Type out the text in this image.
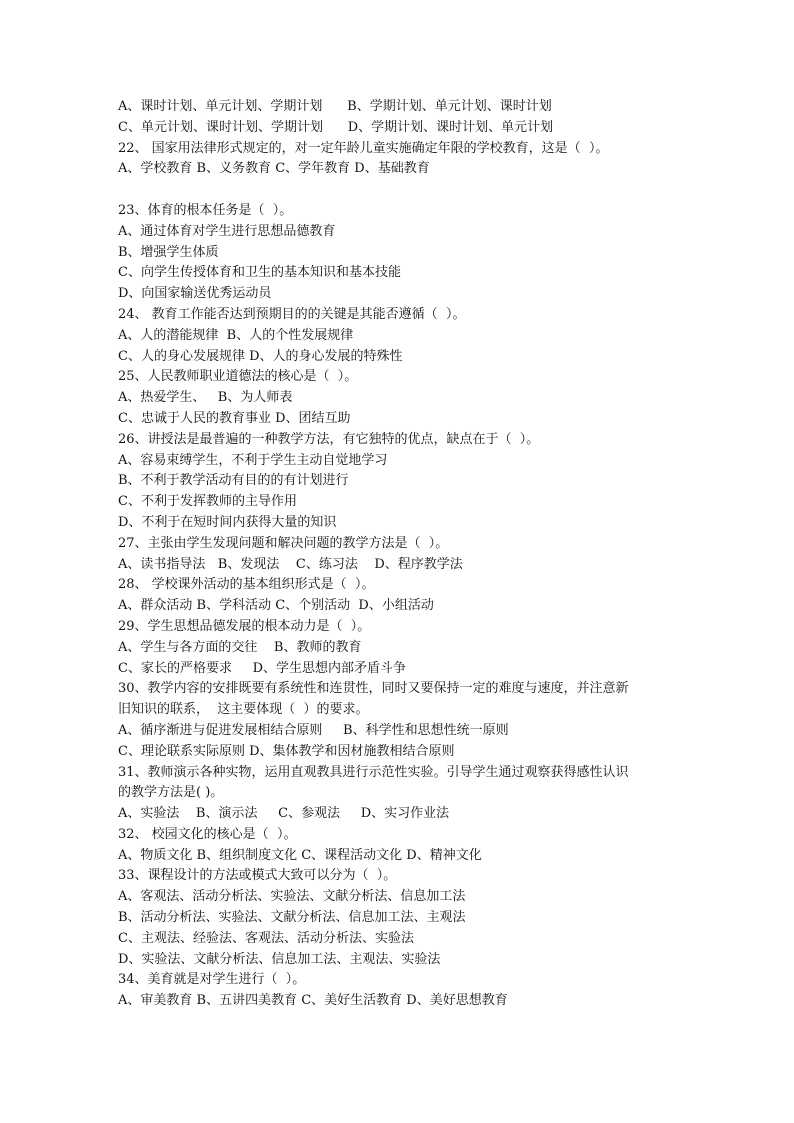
A、课时计划、单元计划、学期计划      B、学期计划、单元计划、课时计划
C、单元计划、课时计划、学期计划      D、学期计划、课时计划、单元计划
22、 国家用法律形式规定的，对一定年龄儿童实施确定年限的学校教育，这是（  ）。
A、学校教育 B、义务教育 C、学年教育 D、基础教育
23、体育的根本任务是（  ）。
A、通过体育对学生进行思想品德教育
B、增强学生体质
C、向学生传授体育和卫生的基本知识和基本技能
D、向国家输送优秀运动员
24、 教育工作能否达到预期目的的关键是其能否遵循（  ）。
A、人的潜能规律  B、人的个性发展规律
C、人的身心发展规律 D、人的身心发展的特殊性
25、人民教师职业道德法的核心是（  ）。
A、热爱学生、   B、为人师表
C、忠诚于人民的教育事业 D、团结互助
26、讲授法是最普遍的一种教学方法，有它独特的优点，缺点在于（  ）。
A、容易束缚学生，不利于学生主动自觉地学习
B、不利于教学活动有目的的有计划进行
C、不利于发挥教师的主导作用
D、不利于在短时间内获得大量的知识
27、主张由学生发现问题和解决问题的教学方法是（  ）。
A、读书指导法   B、发现法    C、练习法    D、程序教学法
28、 学校课外活动的基本组织形式是（  ）。
A、群众活动 B、学科活动 C、个别活动  D、小组活动
29、学生思想品德发展的根本动力是（  ）。
A、学生与各方面的交往    B、教师的教育
C、家长的严格要求     D、学生思想内部矛盾斗争
30、教学内容的安排既要有系统性和连贯性，同时又要保持一定的难度与速度，并注意新
旧知识的联系，  这主要体现（  ）的要求。
A、循序渐进与促进发展相结合原则     B、科学性和思想性统一原则
C、理论联系实际原则 D、集体教学和因材施教相结合原则
31、教师演示各种实物，运用直观教具进行示范性实验。引导学生通过观察获得感性认识
的教学方法是( )。
A、实验法    B、演示法     C、参观法     D、实习作业法
32、 校园文化的核心是（  ）。
A、物质文化 B、组织制度文化 C、课程活动文化 D、精神文化
33、课程设计的方法或模式大致可以分为（  ）。
A、客观法、活动分析法、实验法、文献分析法、信息加工法
B、活动分析法、实验法、文献分析法、信息加工法、主观法
C、主观法、经验法、客观法、活动分析法、实验法
D、实验法、文献分析法、信息加工法、主观法、实验法
34、美育就是对学生进行（  ）。
A、审美教育 B、五讲四美教育 C、美好生活教育 D、美好思想教育
